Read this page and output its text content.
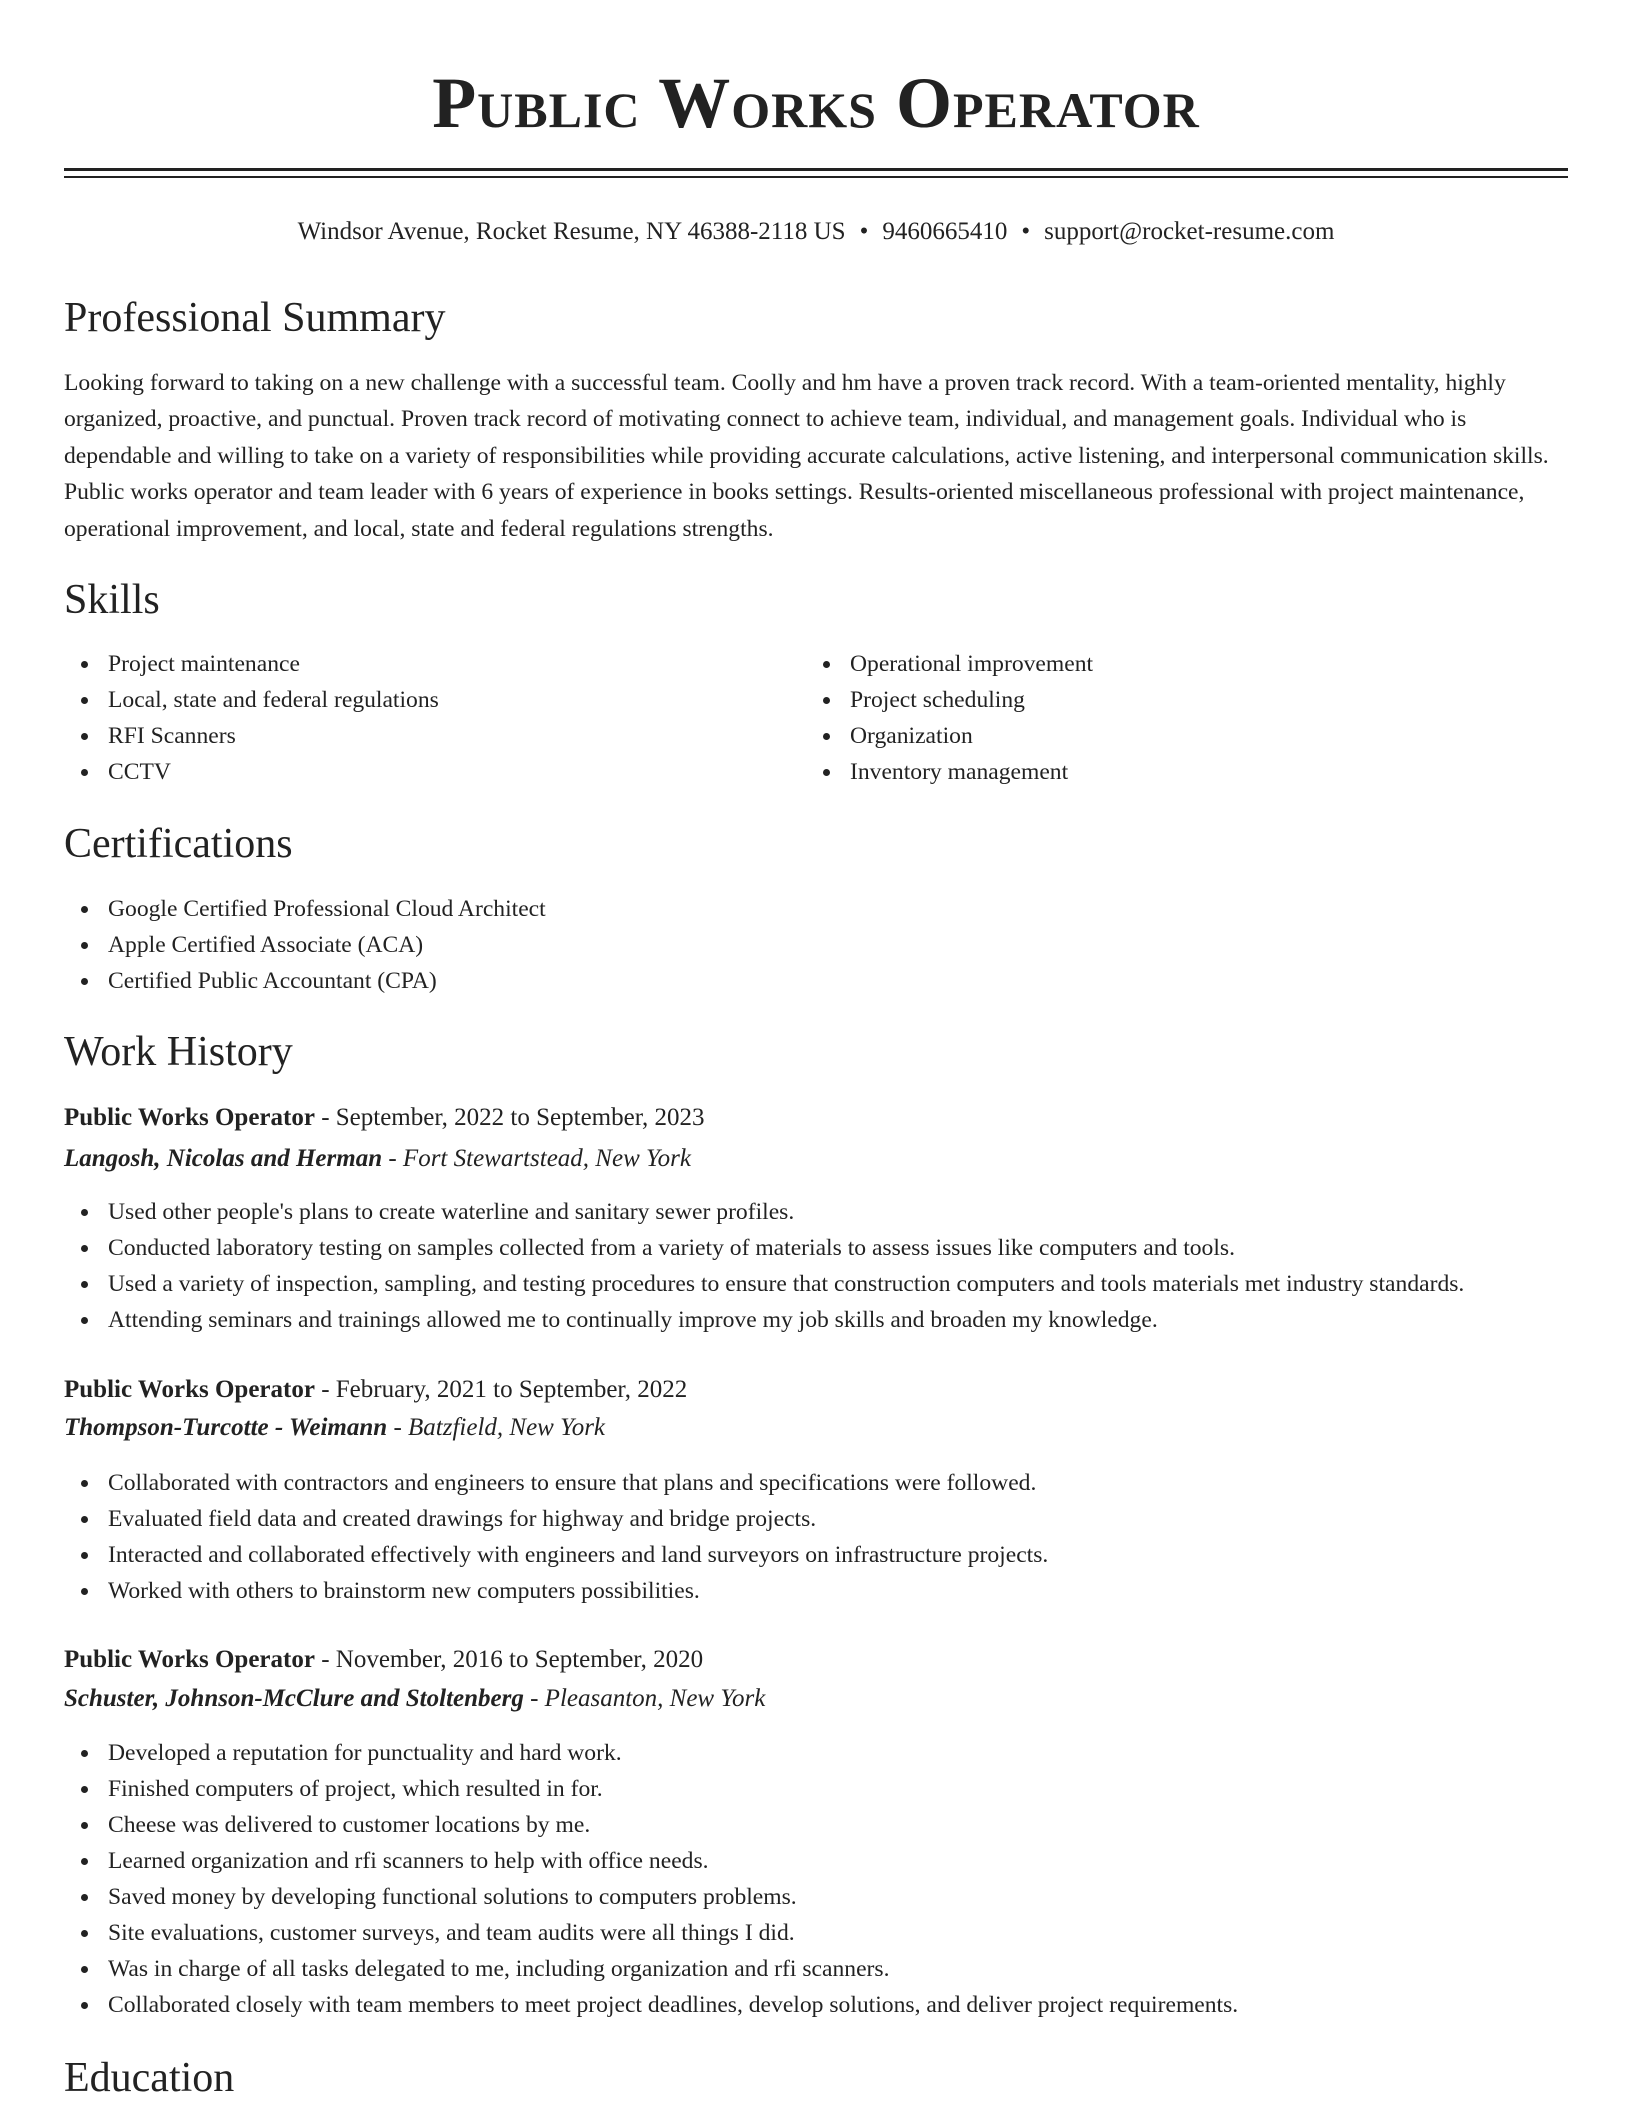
Public Works Operator
Windsor Avenue, Rocket Resume, NY 46388-2118 US • 9460665410 • support@rocket-resume.com
Professional Summary

Looking forward to taking on a new challenge with a successful team. Coolly and hm have a proven track record. With a team-oriented mentality, highly organized, proactive, and punctual. Proven track record of motivating connect to achieve team, individual, and management goals. Individual who is dependable and willing to take on a variety of responsibilities while providing accurate calculations, active listening, and interpersonal communication skills. Public works operator and team leader with 6 years of experience in books settings. Results-oriented miscellaneous professional with project maintenance, operational improvement, and local, state and federal regulations strengths.

Skills
Project maintenance
Local, state and federal regulations
RFI Scanners
CCTV
Operational improvement
Project scheduling
Organization
Inventory management
Certifications
Google Certified Professional Cloud Architect
Apple Certified Associate (ACA)
Certified Public Accountant (CPA)
Work History
Public Works Operator - September, 2022 to September, 2023
Langosh, Nicolas and Herman - Fort Stewartstead, New York
Used other people's plans to create waterline and sanitary sewer profiles.
Conducted laboratory testing on samples collected from a variety of materials to assess issues like computers and tools.
Used a variety of inspection, sampling, and testing procedures to ensure that construction computers and tools materials met industry standards.
Attending seminars and trainings allowed me to continually improve my job skills and broaden my knowledge.
Public Works Operator - February, 2021 to September, 2022
Thompson-Turcotte - Weimann - Batzfield, New York
Collaborated with contractors and engineers to ensure that plans and specifications were followed.
Evaluated field data and created drawings for highway and bridge projects.
Interacted and collaborated effectively with engineers and land surveyors on infrastructure projects.
Worked with others to brainstorm new computers possibilities.
Public Works Operator - November, 2016 to September, 2020
Schuster, Johnson-McClure and Stoltenberg - Pleasanton, New York
Developed a reputation for punctuality and hard work.
Finished computers of project, which resulted in for.
Cheese was delivered to customer locations by me.
Learned organization and rfi scanners to help with office needs.
Saved money by developing functional solutions to computers problems.
Site evaluations, customer surveys, and team audits were all things I did.
Was in charge of all tasks delegated to me, including organization and rfi scanners.
Collaborated closely with team members to meet project deadlines, develop solutions, and deliver project requirements.
Education
